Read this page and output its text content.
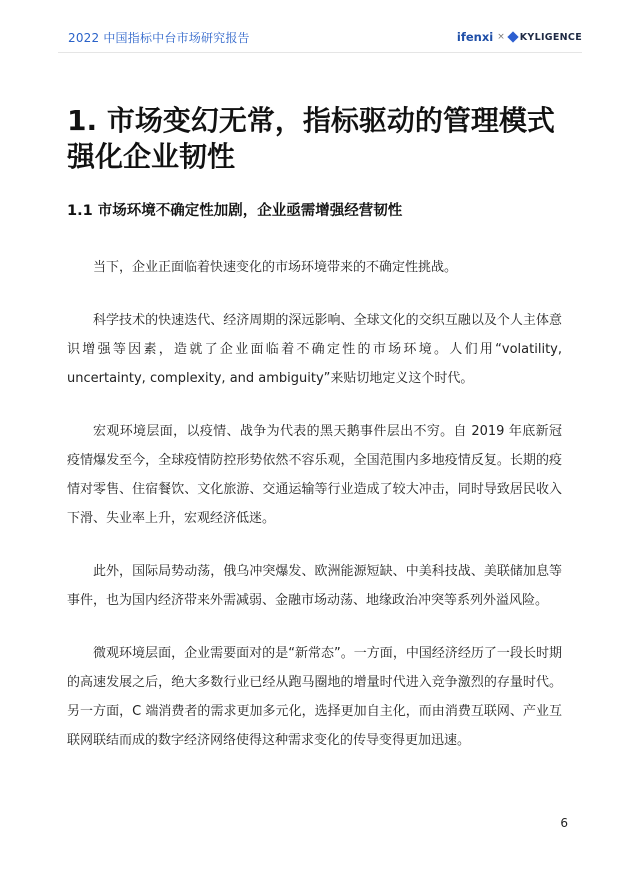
2022 中国指标中台市场研究报告	ifenxi × KYLIGENCE
1. 市场变幻无常，指标驱动的管理模式强化企业韧性
1.1 市场环境不确定性加剧，企业亟需增强经营韧性

当下，企业正面临着快速变化的市场环境带来的不确定性挑战。

科学技术的快速迭代、经济周期的深远影响、全球文化的交织互融以及个人主体意识增强等因素，造就了企业面临着不确定性的市场环境。人们用“volatility, uncertainty, complexity, and ambiguity”来贴切地定义这个时代。

宏观环境层面，以疫情、战争为代表的黑天鹅事件层出不穷。自 2019 年底新冠疫情爆发至今，全球疫情防控形势依然不容乐观，全国范围内多地疫情反复。长期的疫情对零售、住宿餐饮、文化旅游、交通运输等行业造成了较大冲击，同时导致居民收入下滑、失业率上升，宏观经济低迷。

此外，国际局势动荡，俄乌冲突爆发、欧洲能源短缺、中美科技战、美联储加息等事件，也为国内经济带来外需减弱、金融市场动荡、地缘政治冲突等系列外溢风险。

微观环境层面，企业需要面对的是“新常态”。一方面，中国经济经历了一段长时期的高速发展之后，绝大多数行业已经从跑马圈地的增量时代进入竞争激烈的存量时代。另一方面，C 端消费者的需求更加多元化，选择更加自主化，而由消费互联网、产业互联网联结而成的数字经济网络使得这种需求变化的传导变得更加迅速。

6
